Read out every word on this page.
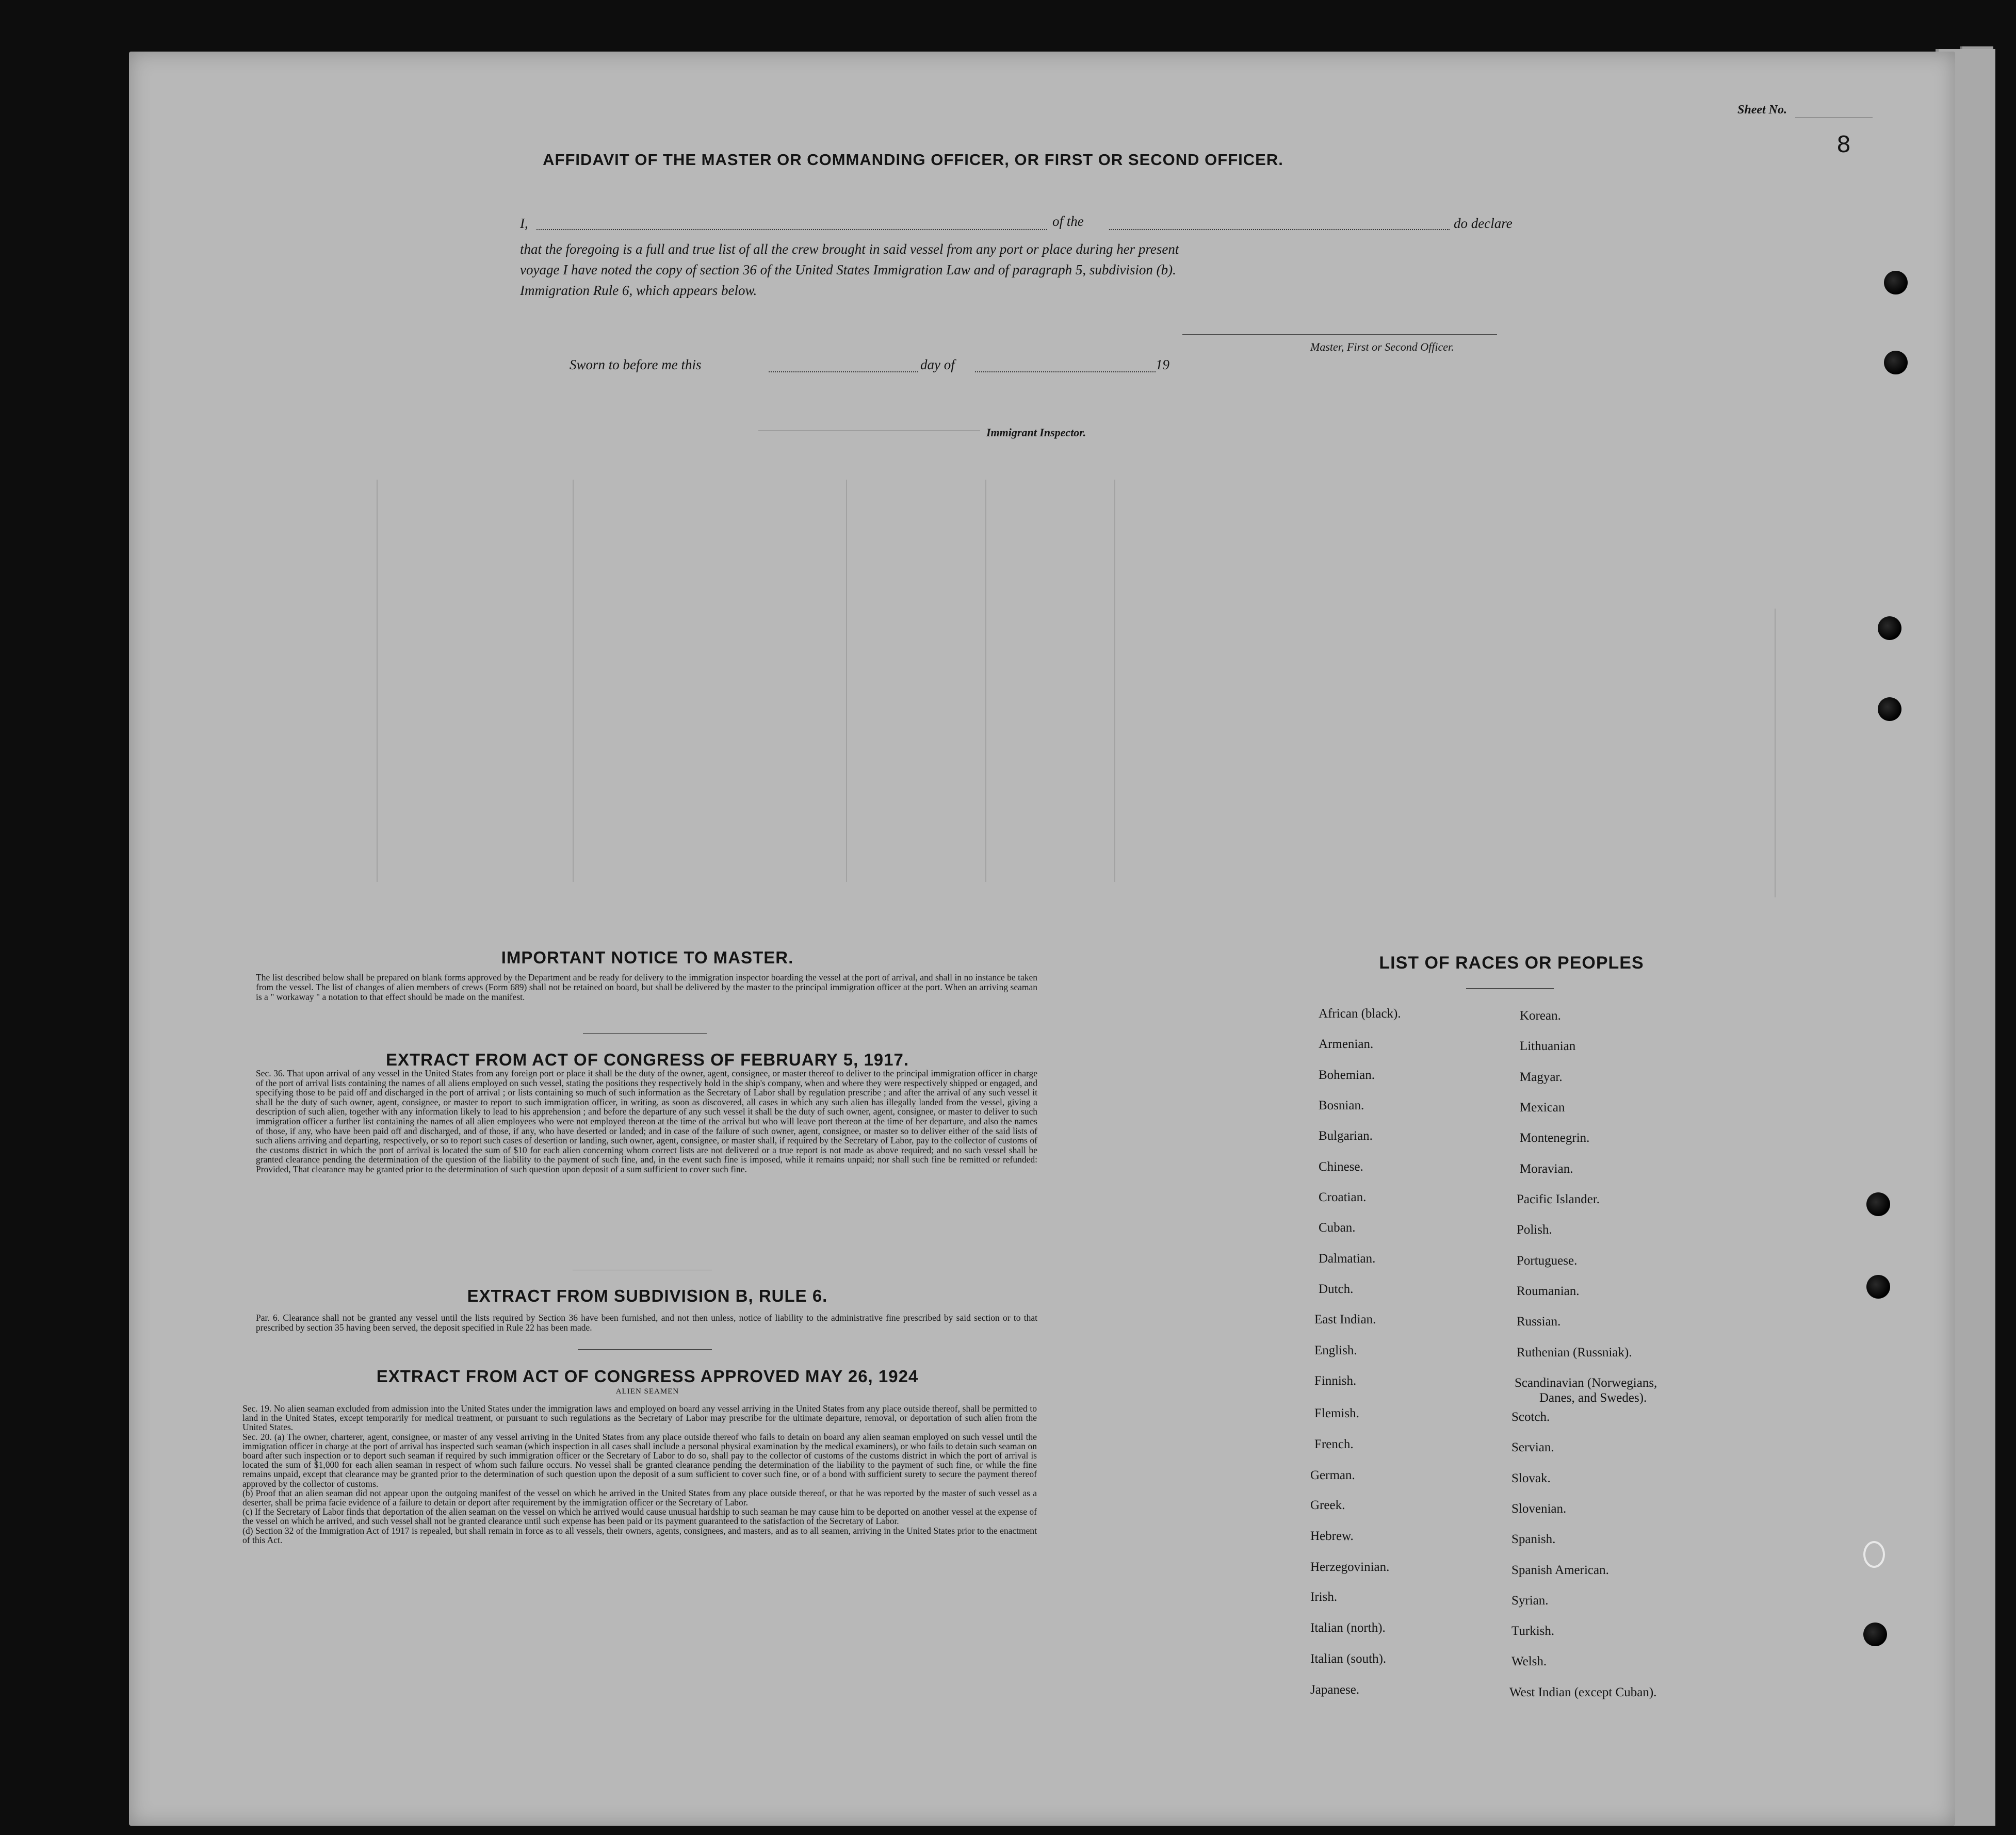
Sheet No.
8
AFFIDAVIT OF THE MASTER OR COMMANDING OFFICER, OR FIRST OR SECOND OFFICER.
I,	of the	do declare
that the foregoing is a full and true list of all the crew brought in said vessel from any port or place during her present
voyage I have noted the copy of section 36 of the United States Immigration Law and of paragraph 5, subdivision (b).
Immigration Rule 6, which appears below.
Master, First or Second Officer.
Sworn to before me this	day of	19
Immigrant Inspector.
IMPORTANT NOTICE TO MASTER.
The list described below shall be prepared on blank forms approved by the Department and be ready for delivery to the immigration inspector boarding the vessel at the port of arrival, and shall in no instance be taken from the vessel. The list of changes of alien members of crews (Form 689) shall not be retained on board, but shall be delivered by the master to the principal immigration officer at the port. When an arriving seaman is a " workaway " a notation to that effect should be made on the manifest.
EXTRACT FROM ACT OF CONGRESS OF FEBRUARY 5, 1917.
Sec. 36. That upon arrival of any vessel in the United States from any foreign port or place it shall be the duty of the owner, agent, consignee, or master thereof to deliver to the principal immigration officer in charge of the port of arrival lists containing the names of all aliens employed on such vessel, stating the positions they respectively hold in the ship's company, when and where they were respectively shipped or engaged, and specifying those to be paid off and discharged in the port of arrival ; or lists containing so much of such information as the Secretary of Labor shall by regulation prescribe ; and after the arrival of any such vessel it shall be the duty of such owner, agent, consignee, or master to report to such immigration officer, in writing, as soon as discovered, all cases in which any such alien has illegally landed from the vessel, giving a description of such alien, together with any information likely to lead to his apprehension ; and before the departure of any such vessel it shall be the duty of such owner, agent, consignee, or master to deliver to such immigration officer a further list containing the names of all alien employees who were not employed thereon at the time of the arrival but who will leave port thereon at the time of her departure, and also the names of those, if any, who have been paid off and discharged, and of those, if any, who have deserted or landed; and in case of the failure of such owner, agent, consignee, or master so to deliver either of the said lists of such aliens arriving and departing, respectively, or so to report such cases of desertion or landing, such owner, agent, consignee, or master shall, if required by the Secretary of Labor, pay to the collector of customs of the customs district in which the port of arrival is located the sum of $10 for each alien concerning whom correct lists are not delivered or a true report is not made as above required; and no such vessel shall be granted clearance pending the determination of the question of the liability to the payment of such fine, and, in the event such fine is imposed, while it remains unpaid; nor shall such fine be remitted or refunded: Provided, That clearance may be granted prior to the determination of such question upon deposit of a sum sufficient to cover such fine.
EXTRACT FROM SUBDIVISION B, RULE 6.
Par. 6. Clearance shall not be granted any vessel until the lists required by Section 36 have been furnished, and not then unless, notice of liability to the administrative fine prescribed by said section or to that prescribed by section 35 having been served, the deposit specified in Rule 22 has been made.
EXTRACT FROM ACT OF CONGRESS APPROVED MAY 26, 1924
ALIEN SEAMEN
Sec. 19. No alien seaman excluded from admission into the United States under the immigration laws and employed on board any vessel arriving in the United States from any place outside thereof, shall be permitted to land in the United States, except temporarily for medical treatment, or pursuant to such regulations as the Secretary of Labor may prescribe for the ultimate departure, removal, or deportation of such alien from the United States.
Sec. 20. (a) The owner, charterer, agent, consignee, or master of any vessel arriving in the United States from any place outside thereof who fails to detain on board any alien seaman employed on such vessel until the immigration officer in charge at the port of arrival has inspected such seaman (which inspection in all cases shall include a personal physical examination by the medical examiners), or who fails to detain such seaman on board after such inspection or to deport such seaman if required by such immigration officer or the Secretary of Labor to do so, shall pay to the collector of customs of the customs district in which the port of arrival is located the sum of $1,000 for each alien seaman in respect of whom such failure occurs. No vessel shall be granted clearance pending the determination of the liability to the payment of such fine, or while the fine remains unpaid, except that clearance may be granted prior to the determination of such question upon the deposit of a sum sufficient to cover such fine, or of a bond with sufficient surety to secure the payment thereof approved by the collector of customs.
(b) Proof that an alien seaman did not appear upon the outgoing manifest of the vessel on which he arrived in the United States from any place outside thereof, or that he was reported by the master of such vessel as a deserter, shall be prima facie evidence of a failure to detain or deport after requirement by the immigration officer or the Secretary of Labor.
(c) If the Secretary of Labor finds that deportation of the alien seaman on the vessel on which he arrived would cause unusual hardship to such seaman he may cause him to be deported on another vessel at the expense of the vessel on which he arrived, and such vessel shall not be granted clearance until such expense has been paid or its payment guaranteed to the satisfaction of the Secretary of Labor.
(d) Section 32 of the Immigration Act of 1917 is repealed, but shall remain in force as to all vessels, their owners, agents, consignees, and masters, and as to all seamen, arriving in the United States prior to the enactment of this Act.
LIST OF RACES OR PEOPLES
African (black).
Armenian.
Bohemian.
Bosnian.
Bulgarian.
Chinese.
Croatian.
Cuban.
Dalmatian.
Dutch.
East Indian.
English.
Finnish.
Flemish.
French.
German.
Greek.
Hebrew.
Herzegovinian.
Irish.
Italian (north).
Italian (south).
Japanese.
Korean.
Lithuanian
Magyar.
Mexican
Montenegrin.
Moravian.
Pacific Islander.
Polish.
Portuguese.
Roumanian.
Russian.
Ruthenian (Russniak).
Scandinavian (Norwegians,
Danes, and Swedes).
Scotch.
Servian.
Slovak.
Slovenian.
Spanish.
Spanish American.
Syrian.
Turkish.
Welsh.
West Indian (except Cuban).
